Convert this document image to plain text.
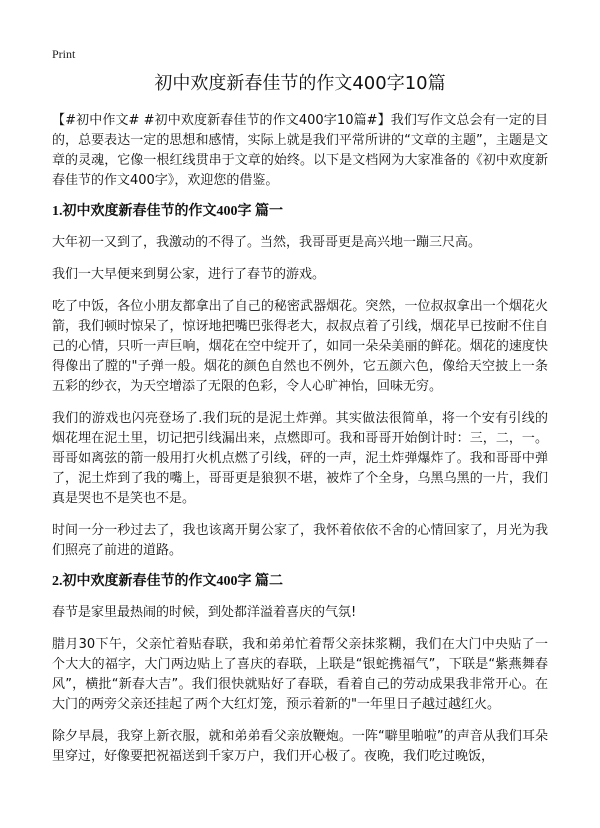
Print
初中欢度新春佳节的作文400字10篇

【#初中作文# #初中欢度新春佳节的作文400字10篇#】我们写作文总会有一定的目的，总要表达一定的思想和感情，实际上就是我们平常所讲的“文章的主题”，主题是文章的灵魂，它像一根红线贯串于文章的始终。以下是文档网为大家准备的《初中欢度新春佳节的作文400字》，欢迎您的借鉴。

1.初中欢度新春佳节的作文400字 篇一

大年初一又到了，我激动的不得了。当然，我哥哥更是高兴地一蹦三尺高。

我们一大早便来到舅公家，进行了春节的游戏。

吃了中饭，各位小朋友都拿出了自己的秘密武器烟花。突然，一位叔叔拿出一个烟花火箭，我们顿时惊呆了，惊讶地把嘴巴张得老大，叔叔点着了引线，烟花早已按耐不住自己的心情，只听一声巨响，烟花在空中绽开了，如同一朵朵美丽的鲜花。烟花的速度快得像出了膛的"子弹一般。烟花的颜色自然也不例外，它五颜六色，像给天空披上一条五彩的纱衣，为天空增添了无限的色彩，令人心旷神怡，回味无穷。

我们的游戏也闪亮登场了.我们玩的是泥土炸弹。其实做法很简单，将一个安有引线的烟花埋在泥土里，切记把引线漏出来，点燃即可。我和哥哥开始倒计时：三，二，一。哥哥如离弦的箭一般用打火机点燃了引线，砰的一声，泥土炸弹爆炸了。我和哥哥中弹了，泥土炸到了我的嘴上，哥哥更是狼狈不堪，被炸了个全身，乌黑乌黑的一片，我们真是哭也不是笑也不是。

时间一分一秒过去了，我也该离开舅公家了，我怀着依依不舍的心情回家了，月光为我们照亮了前进的道路。

2.初中欢度新春佳节的作文400字 篇二

春节是家里最热闹的时候，到处都洋溢着喜庆的气氛!

腊月30下午，父亲忙着贴春联，我和弟弟忙着帮父亲抹浆糊，我们在大门中央贴了一个大大的福字，大门两边贴上了喜庆的春联，上联是“银蛇携福气”，下联是“紫燕舞春风”，横批“新春大吉”。我们很快就贴好了春联，看着自己的劳动成果我非常开心。在大门的两旁父亲还挂起了两个大红灯笼，预示着新的"一年里日子越过越红火。

除夕早晨，我穿上新衣服，就和弟弟看父亲放鞭炮。一阵“噼里啪啦”的声音从我们耳朵里穿过，好像要把祝福送到千家万户，我们开心极了。夜晚，我们吃过晚饭，
